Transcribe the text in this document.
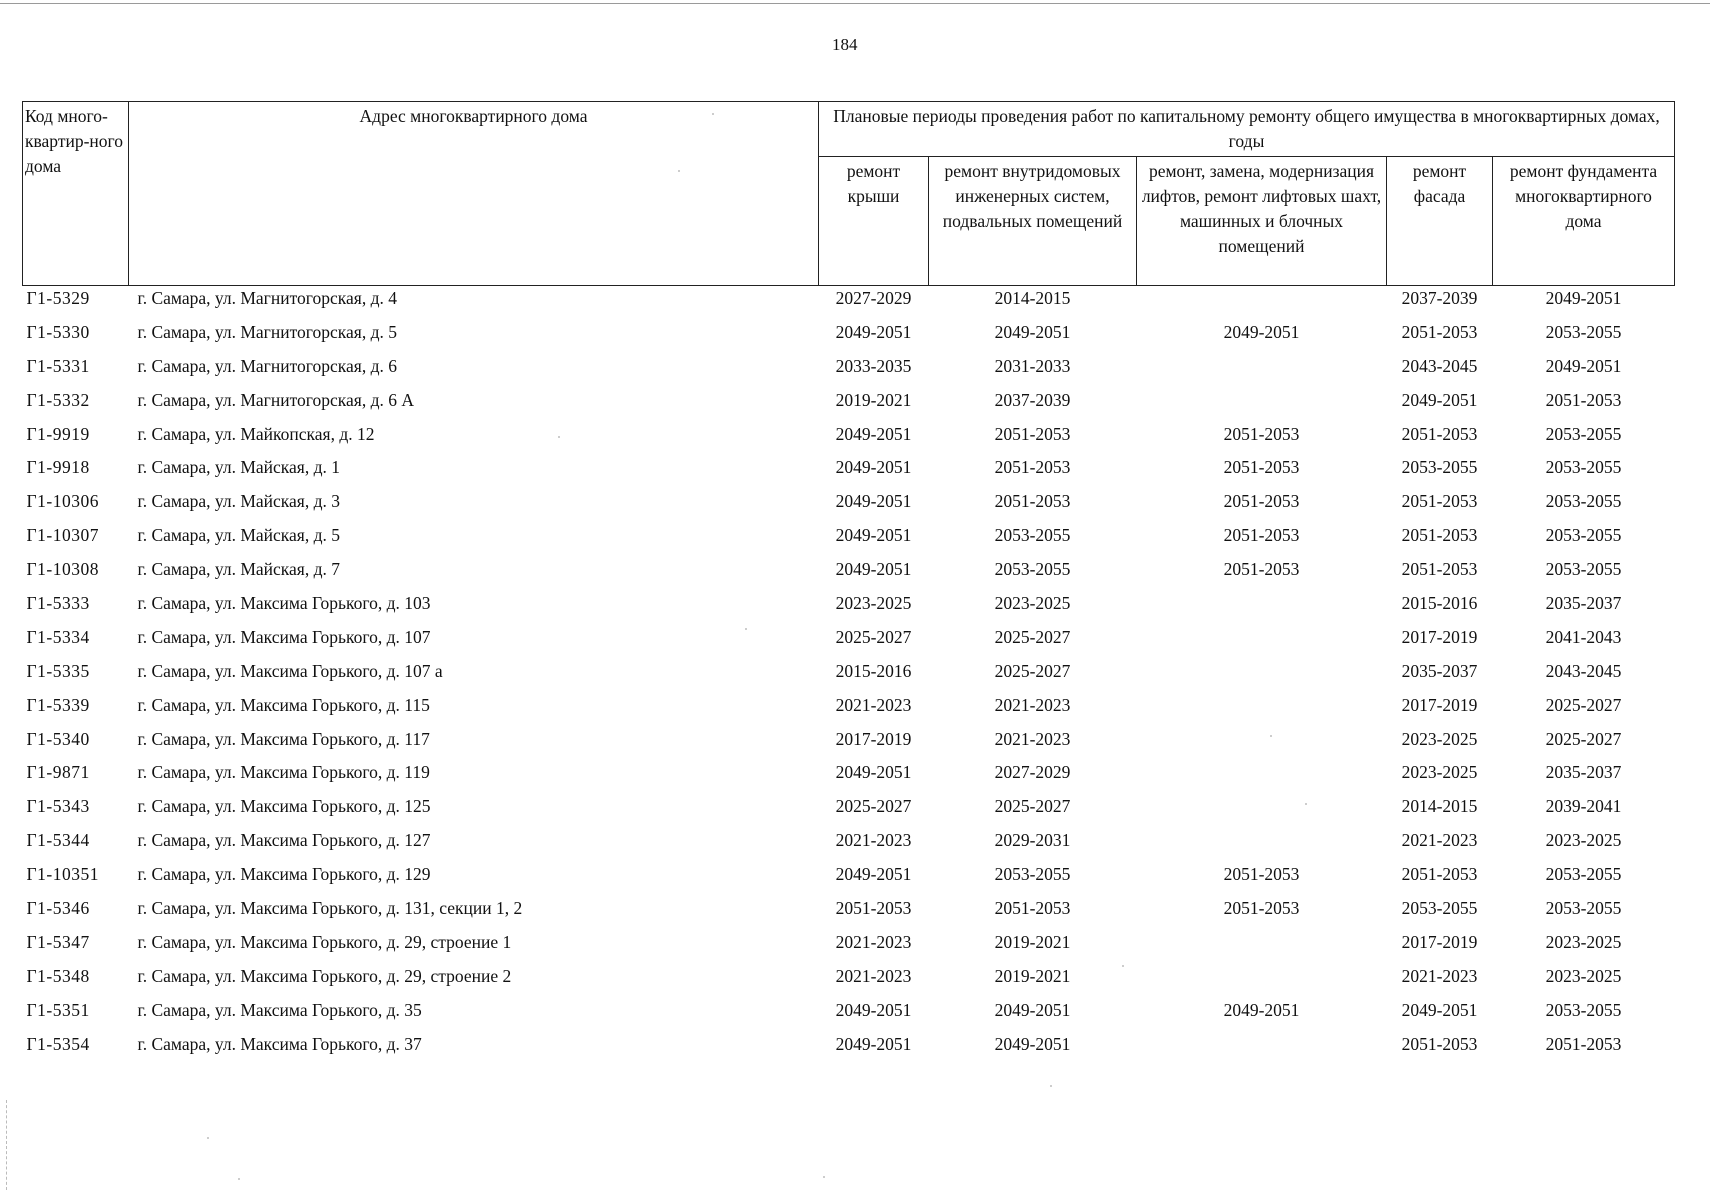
184
Код много-квартир-ного дома	Адрес многоквартирного дома	Плановые периоды проведения работ по капитальному ремонту общего имущества в многоквартирных домах, годы				
		ремонт крыши	ремонт внутридомовых инженерных систем, подвальных помещений	ремонт, замена, модернизация лифтов, ремонт лифтовых шахт, машинных и блочных помещений	ремонт фасада	ремонт фундамента многоквартирного дома
Г1-5329	г. Самара, ул. Магнитогорская, д. 4	2027-2029	2014-2015		2037-2039	2049-2051
Г1-5330	г. Самара, ул. Магнитогорская, д. 5	2049-2051	2049-2051	2049-2051	2051-2053	2053-2055
Г1-5331	г. Самара, ул. Магнитогорская, д. 6	2033-2035	2031-2033		2043-2045	2049-2051
Г1-5332	г. Самара, ул. Магнитогорская, д. 6 А	2019-2021	2037-2039		2049-2051	2051-2053
Г1-9919	г. Самара, ул. Майкопская, д. 12	2049-2051	2051-2053	2051-2053	2051-2053	2053-2055
Г1-9918	г. Самара, ул. Майская, д. 1	2049-2051	2051-2053	2051-2053	2053-2055	2053-2055
Г1-10306	г. Самара, ул. Майская, д. 3	2049-2051	2051-2053	2051-2053	2051-2053	2053-2055
Г1-10307	г. Самара, ул. Майская, д. 5	2049-2051	2053-2055	2051-2053	2051-2053	2053-2055
Г1-10308	г. Самара, ул. Майская, д. 7	2049-2051	2053-2055	2051-2053	2051-2053	2053-2055
Г1-5333	г. Самара, ул. Максима Горького, д. 103	2023-2025	2023-2025		2015-2016	2035-2037
Г1-5334	г. Самара, ул. Максима Горького, д. 107	2025-2027	2025-2027		2017-2019	2041-2043
Г1-5335	г. Самара, ул. Максима Горького, д. 107 а	2015-2016	2025-2027		2035-2037	2043-2045
Г1-5339	г. Самара, ул. Максима Горького, д. 115	2021-2023	2021-2023		2017-2019	2025-2027
Г1-5340	г. Самара, ул. Максима Горького, д. 117	2017-2019	2021-2023		2023-2025	2025-2027
Г1-9871	г. Самара, ул. Максима Горького, д. 119	2049-2051	2027-2029		2023-2025	2035-2037
Г1-5343	г. Самара, ул. Максима Горького, д. 125	2025-2027	2025-2027		2014-2015	2039-2041
Г1-5344	г. Самара, ул. Максима Горького, д. 127	2021-2023	2029-2031		2021-2023	2023-2025
Г1-10351	г. Самара, ул. Максима Горького, д. 129	2049-2051	2053-2055	2051-2053	2051-2053	2053-2055
Г1-5346	г. Самара, ул. Максима Горького, д. 131, секции 1, 2	2051-2053	2051-2053	2051-2053	2053-2055	2053-2055
Г1-5347	г. Самара, ул. Максима Горького, д. 29, строение 1	2021-2023	2019-2021		2017-2019	2023-2025
Г1-5348	г. Самара, ул. Максима Горького, д. 29, строение 2	2021-2023	2019-2021		2021-2023	2023-2025
Г1-5351	г. Самара, ул. Максима Горького, д. 35	2049-2051	2049-2051	2049-2051	2049-2051	2053-2055
Г1-5354	г. Самара, ул. Максима Горького, д. 37	2049-2051	2049-2051		2051-2053	2051-2053
